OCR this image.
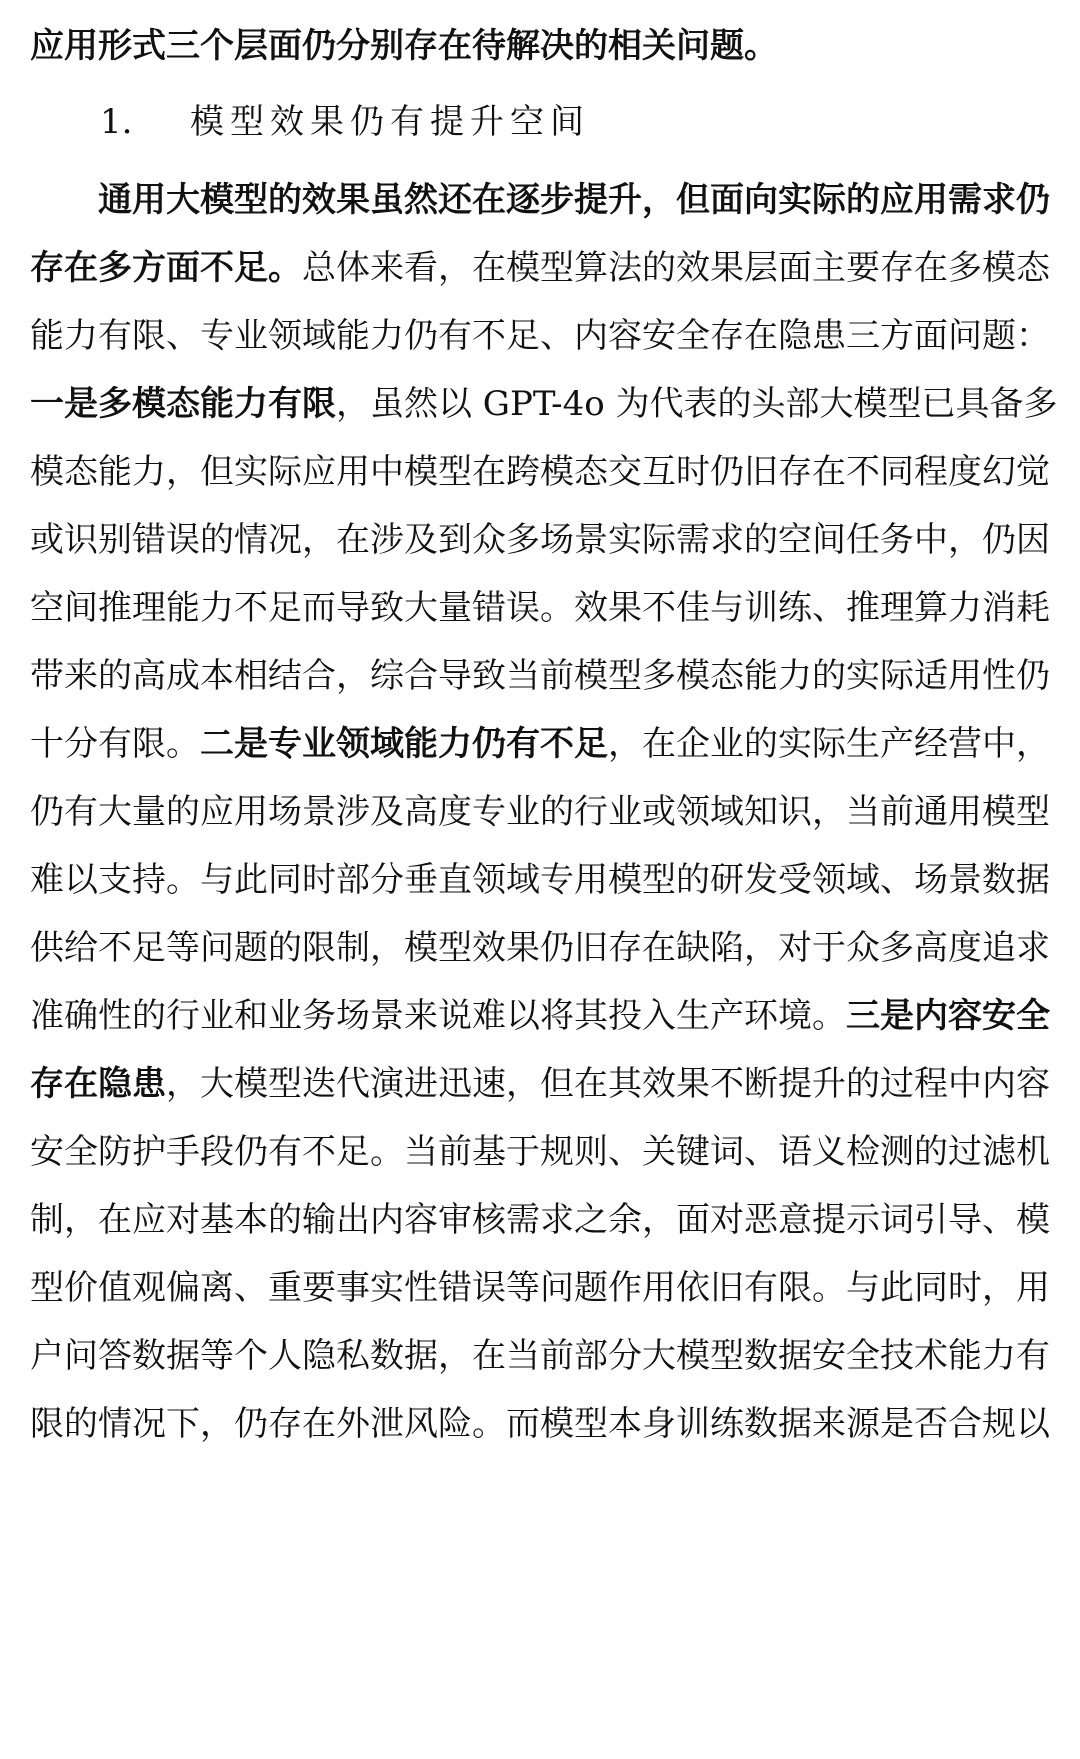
应用形式三个层面仍分别存在待解决的相关问题。
1. 模型效果仍有提升空间
通用大模型的效果虽然还在逐步提升，但面向实际的应用需求仍
存在多方面不足。总体来看，在模型算法的效果层面主要存在多模态
能力有限、专业领域能力仍有不足、内容安全存在隐患三方面问题：
一是多模态能力有限，虽然以 GPT-4o 为代表的头部大模型已具备多
模态能力，但实际应用中模型在跨模态交互时仍旧存在不同程度幻觉
或识别错误的情况，在涉及到众多场景实际需求的空间任务中，仍因
空间推理能力不足而导致大量错误。效果不佳与训练、推理算力消耗
带来的高成本相结合，综合导致当前模型多模态能力的实际适用性仍
十分有限。二是专业领域能力仍有不足，在企业的实际生产经营中，
仍有大量的应用场景涉及高度专业的行业或领域知识，当前通用模型
难以支持。与此同时部分垂直领域专用模型的研发受领域、场景数据
供给不足等问题的限制，模型效果仍旧存在缺陷，对于众多高度追求
准确性的行业和业务场景来说难以将其投入生产环境。三是内容安全
存在隐患，大模型迭代演进迅速，但在其效果不断提升的过程中内容
安全防护手段仍有不足。当前基于规则、关键词、语义检测的过滤机
制，在应对基本的输出内容审核需求之余，面对恶意提示词引导、模
型价值观偏离、重要事实性错误等问题作用依旧有限。与此同时，用
户问答数据等个人隐私数据，在当前部分大模型数据安全技术能力有
限的情况下，仍存在外泄风险。而模型本身训练数据来源是否合规以
